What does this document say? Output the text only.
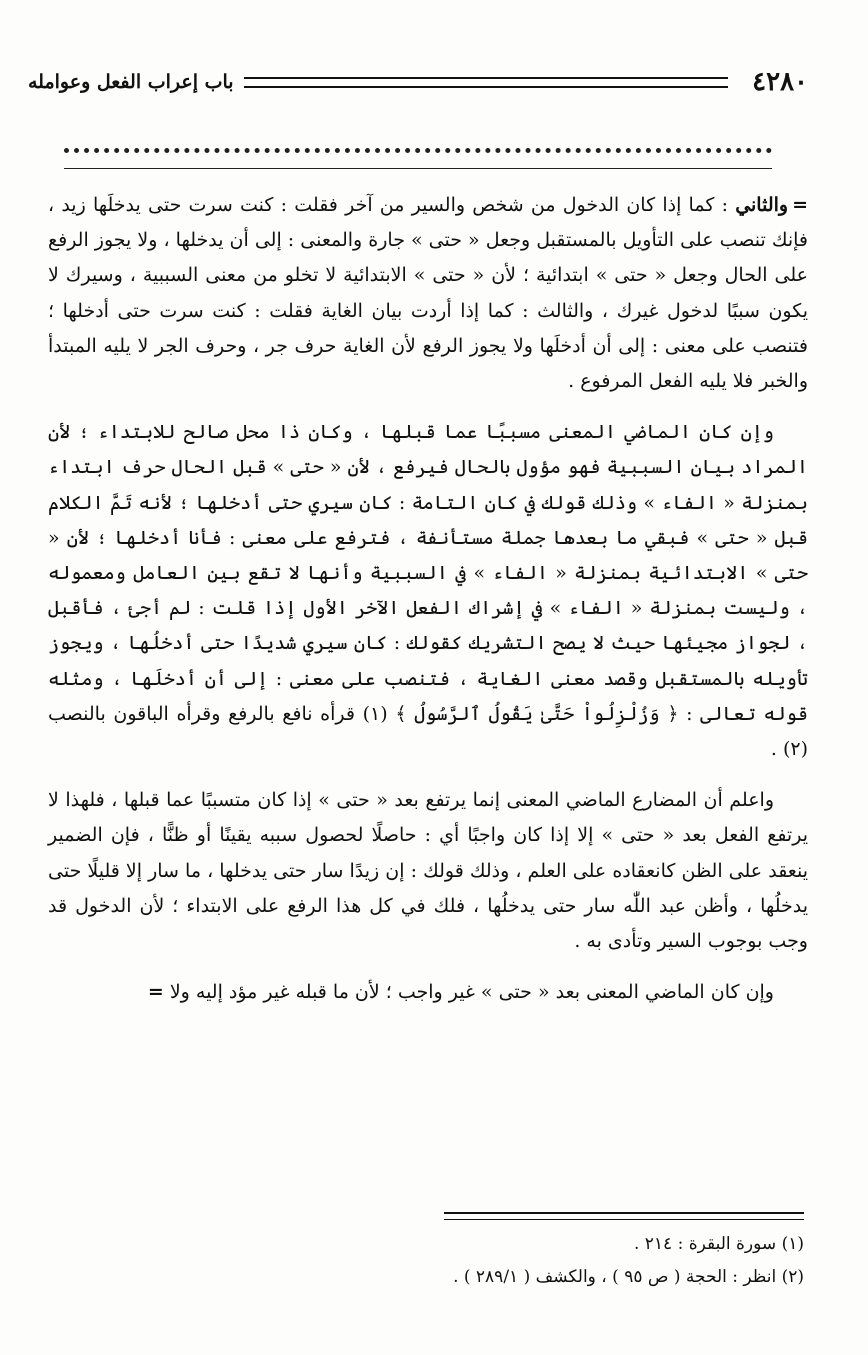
٤٢٨٠
باب إعراب الفعل وعوامله

=والثاني : كما إذا كان الدخول من شخص والسير من آخر فقلت : كنت سرت حتى يدخلَها زيد ، فإنك تنصب على التأويل بالمستقبل وجعل « حتى » جارة والمعنى : إلى أن يدخلها ، ولا يجوز الرفع على الحال وجعل « حتى » ابتدائية ؛ لأن « حتى » الابتدائية لا تخلو من معنى السببية ، وسيرك لا يكون سببًا لدخول غيرك ، والثالث : كما إذا أردت بيان الغاية فقلت : كنت سرت حتى أدخلها ؛ فتنصب على معنى : إلى أن أدخلَها ولا يجوز الرفع لأن الغاية حرف جر ، وحرف الجر لا يليه المبتدأ والخبر فلا يليه الفعل المرفوع .

وإن كان الماضي المعنى مسببًا عما قبلها ، وكان ذا محل صالح للابتداء ؛ لأن المراد بيان السببية فهو مؤول بالحال فيرفع ، لأن « حتى » قبل الحال حرف ابتداء بمنزلة « الفاء » وذلك قولك في كان التامة : كان سيري حتى أدخلها ؛ لأنه تَمَّ الكلام قبل « حتى » فبقي ما بعدها جملة مستأنفة ، فترفع على معنى : فأنا أدخلها ؛ لأن « حتى » الابتدائية بمنزلة « الفاء » في السببية وأنها لا تقع بين العامل ومعموله ، وليست بمنزلة « الفاء » في إشراك الفعل الآخر الأول إذا قلت : لم أجئ ، فأقبل ، لجواز مجيئها حيث لا يصح التشريك كقولك : كان سيري شديدًا حتى أدخلُها ، ويجوز تأويله بالمستقبل وقصد معنى الغاية ، فتنصب على معنى : إلى أن أدخلَها ، ومثله قوله تعالى : ﴿ وَزُلْزِلُواْ حَتَّىٰ يَقُولُ ٱلرَّسُولُ ﴾ (١) قرأه نافع بالرفع وقرأه الباقون بالنصب (٢) .

واعلم أن المضارع الماضي المعنى إنما يرتفع بعد « حتى » إذا كان متسببًا عما قبلها ، فلهذا لا يرتفع الفعل بعد « حتى » إلا إذا كان واجبًا أي : حاصلًا لحصول سببه يقينًا أو ظنًّا ، فإن الضمير ينعقد على الظن كانعقاده على العلم ، وذلك قولك : إن زيدًا سار حتى يدخلها ، ما سار إلا قليلًا حتى يدخلُها ، وأظن عبد اللّٰه سار حتى يدخلُها ، فلك في كل هذا الرفع على الابتداء ؛ لأن الدخول قد وجب بوجوب السير وتأدى به .

وإن كان الماضي المعنى بعد « حتى » غير واجب ؛ لأن ما قبله غير مؤد إليه ولا =

(١) سورة البقرة : ٢١٤ .
(٢) انظر : الحجة ( ص ٩٥ ) ، والكشف ( ٢٨٩/١ ) .
